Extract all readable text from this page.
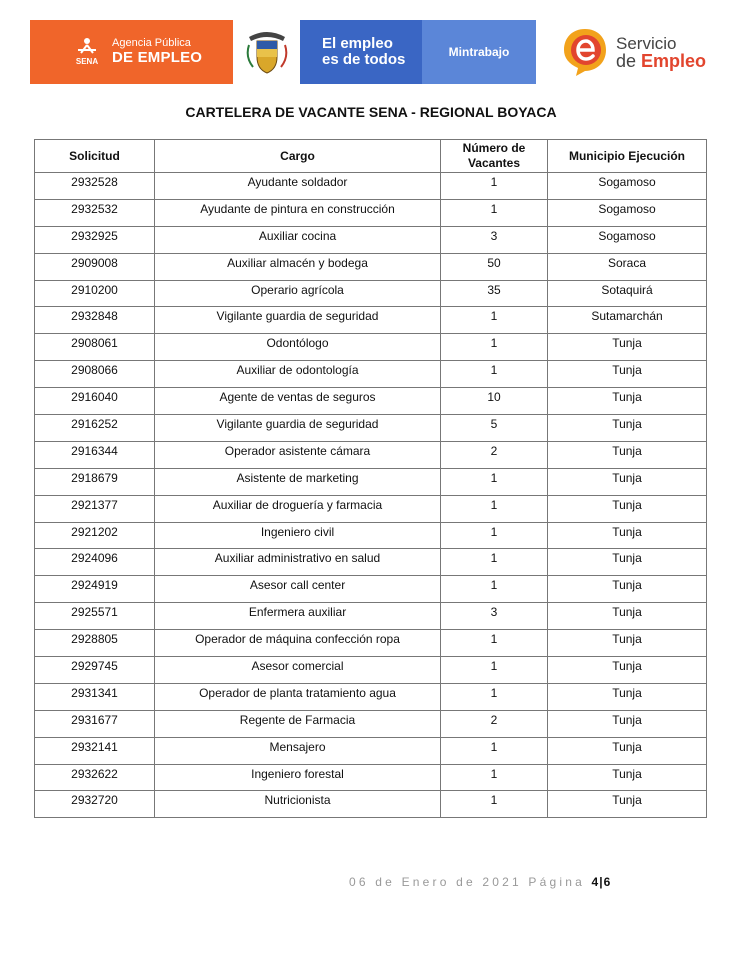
SENA
Agencia Pública
DE EMPLEO
El empleo
es de todos	Mintrabajo	Servicio
de Empleo
CARTELERA DE VACANTE SENA - REGIONAL BOYACA
Solicitud	Cargo	Número de Vacantes	Municipio Ejecución
2932528	Ayudante soldador	1	Sogamoso
2932532	Ayudante de pintura en construcción	1	Sogamoso
2932925	Auxiliar cocina	3	Sogamoso
2909008	Auxiliar almacén y bodega	50	Soraca
2910200	Operario agrícola	35	Sotaquirá
2932848	Vigilante guardia de seguridad	1	Sutamarchán
2908061	Odontólogo	1	Tunja
2908066	Auxiliar de odontología	1	Tunja
2916040	Agente de ventas de seguros	10	Tunja
2916252	Vigilante guardia de seguridad	5	Tunja
2916344	Operador asistente cámara	2	Tunja
2918679	Asistente de marketing	1	Tunja
2921377	Auxiliar de droguería y farmacia	1	Tunja
2921202	Ingeniero civil	1	Tunja
2924096	Auxiliar administrativo en salud	1	Tunja
2924919	Asesor call center	1	Tunja
2925571	Enfermera auxiliar	3	Tunja
2928805	Operador de máquina confección ropa	1	Tunja
2929745	Asesor comercial	1	Tunja
2931341	Operador de planta tratamiento agua	1	Tunja
2931677	Regente de Farmacia	2	Tunja
2932141	Mensajero	1	Tunja
2932622	Ingeniero forestal	1	Tunja
2932720	Nutricionista	1	Tunja
06 de Enero de 2021 Página 4|6
